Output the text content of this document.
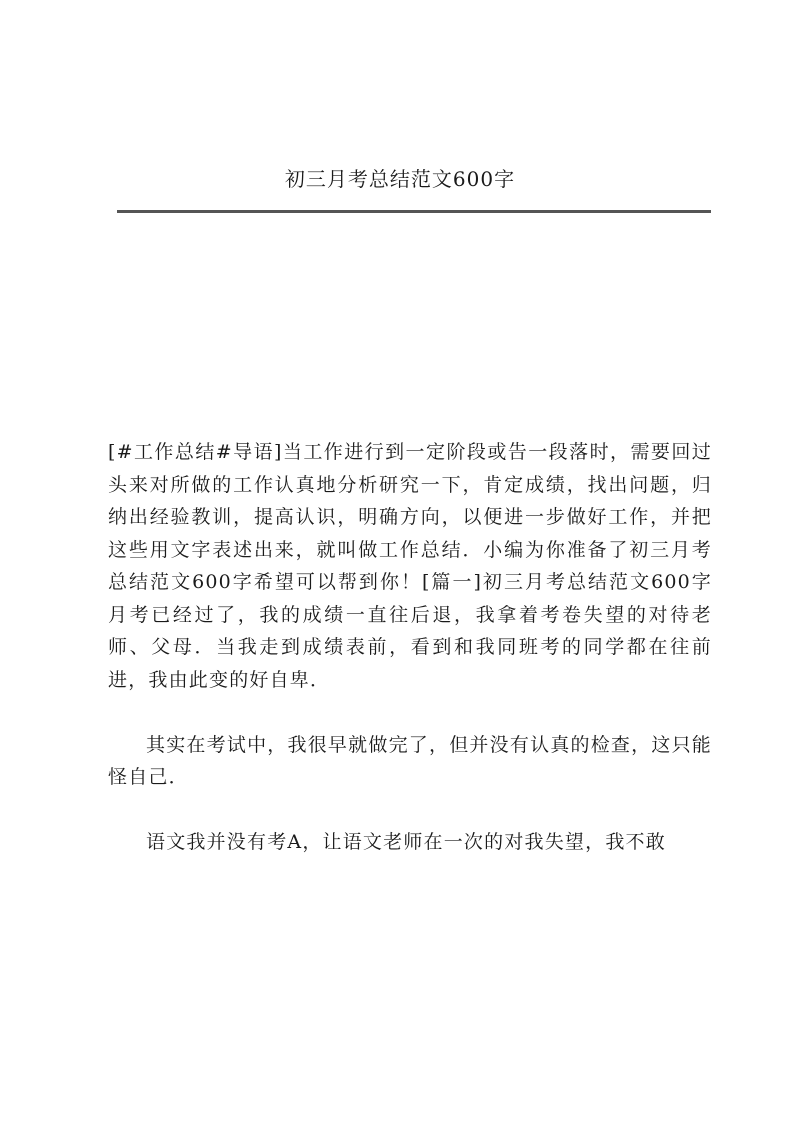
初三月考总结范文600字

[#工作总结#导语]当工作进行到一定阶段或告一段落时，需要回过头来对所做的工作认真地分析研究一下，肯定成绩，找出问题，归纳出经验教训，提高认识，明确方向，以便进一步做好工作，并把这些用文字表述出来，就叫做工作总结．小编为你准备了初三月考总结范文600字希望可以帮到你！[篇一]初三月考总结范文600字　　月考已经过了，我的成绩一直往后退，我拿着考卷失望的对待老师、父母．当我走到成绩表前，看到和我同班考的同学都在往前进，我由此变的好自卑．

其实在考试中，我很早就做完了，但并没有认真的检查，这只能怪自己．

语文我并没有考A，让语文老师在一次的对我失望，我不敢
